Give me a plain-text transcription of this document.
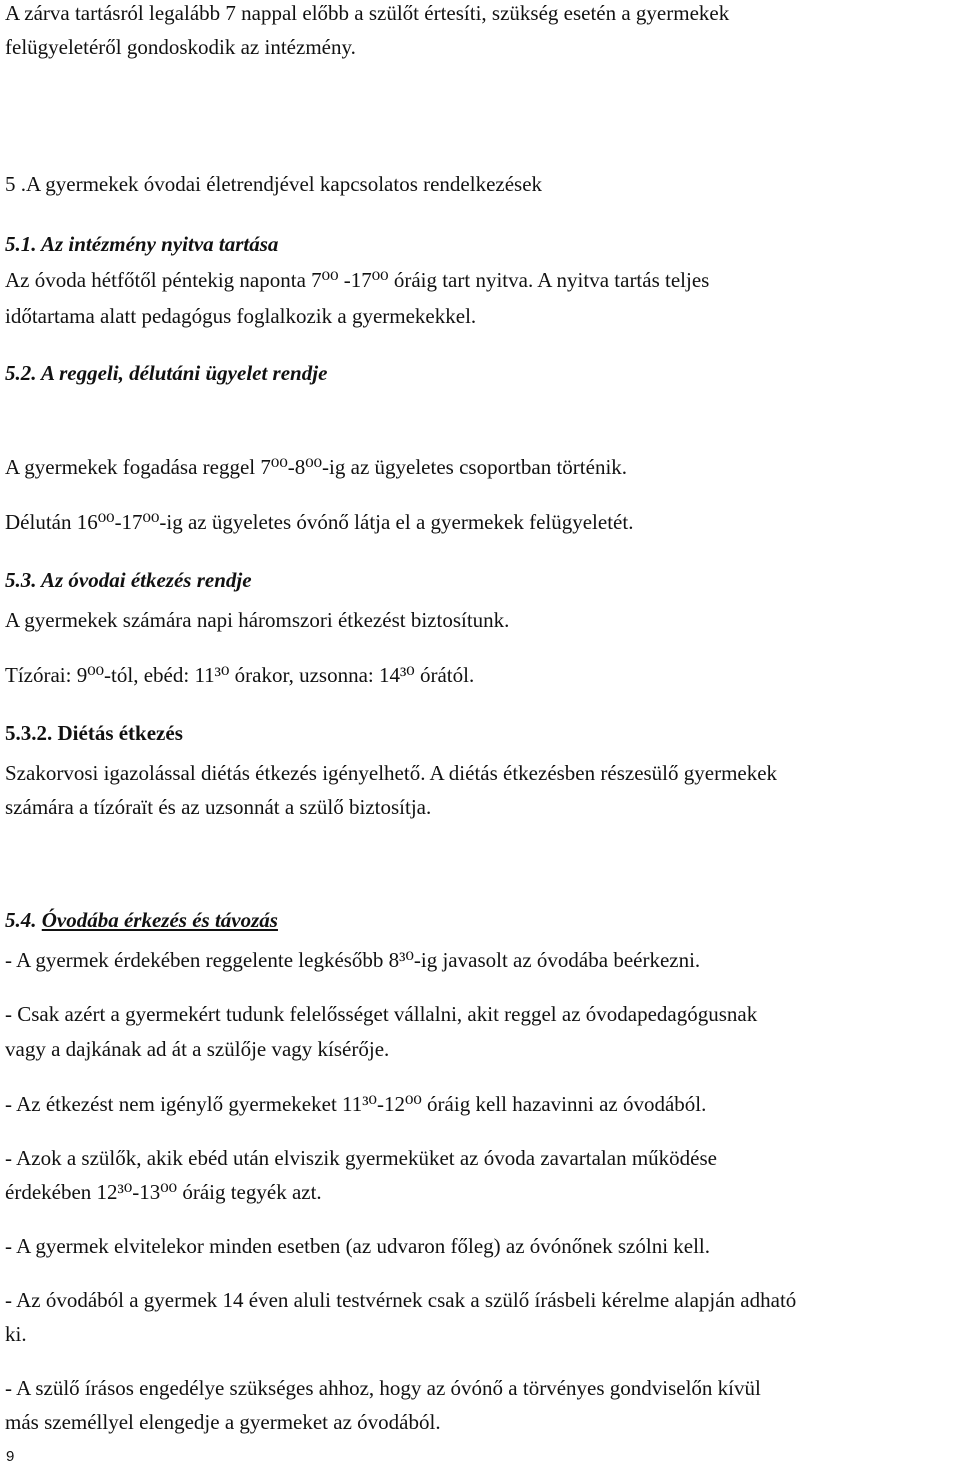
A zárva tartásról legalább 7 nappal előbb a szülőt értesíti, szükség esetén a gyermekek
felügyeletéről gondoskodik az intézmény.
5 .A gyermekek óvodai életrendjével kapcsolatos rendelkezések
5.1. Az intézmény nyitva tartása
Az óvoda hétfőtől péntekig naponta 7⁰⁰ -17⁰⁰ óráig tart nyitva. A nyitva tartás teljes
időtartama alatt pedagógus foglalkozik a gyermekekkel.
5.2. A reggeli, délutáni ügyelet rendje
A gyermekek fogadása reggel 7⁰⁰-8⁰⁰-ig az ügyeletes csoportban történik.
Délután 16⁰⁰-17⁰⁰-ig az ügyeletes óvónő látja el a gyermekek felügyeletét.
5.3. Az óvodai étkezés rendje
A gyermekek számára napi háromszori étkezést biztosítunk.
Tízórai: 9⁰⁰-tól, ebéd: 11³⁰ órakor, uzsonna: 14³⁰ órától.
5.3.2. Diétás étkezés
Szakorvosi igazolással diétás étkezés igényelhető. A diétás étkezésben részesülő gyermekek
számára a tízóraït és az uzsonnát a szülő biztosítja.
5.4. Óvodába érkezés és távozás
- A gyermek érdekében reggelente legkésőbb 8³⁰-ig javasolt az óvodába beérkezni.
- Csak azért a gyermekért tudunk felelősséget vállalni, akit reggel az óvodapedagógusnak
vagy a dajkának ad át a szülője vagy kísérője.
- Az étkezést nem igénylő gyermekeket 11³⁰-12⁰⁰ óráig kell hazavinni az óvodából.
- Azok a szülők, akik ebéd után elviszik gyermeküket az óvoda zavartalan működése
érdekében 12³⁰-13⁰⁰ óráig tegyék azt.
- A gyermek elvitelekor minden esetben (az udvaron főleg) az óvónőnek szólni kell.
- Az óvodából a gyermek 14 éven aluli testvérnek csak a szülő írásbeli kérelme alapján adható
ki.
- A szülő írásos engedélye szükséges ahhoz, hogy az óvónő a törvényes gondviselőn kívül
más személlyel elengedje a gyermeket az óvodából.
9
